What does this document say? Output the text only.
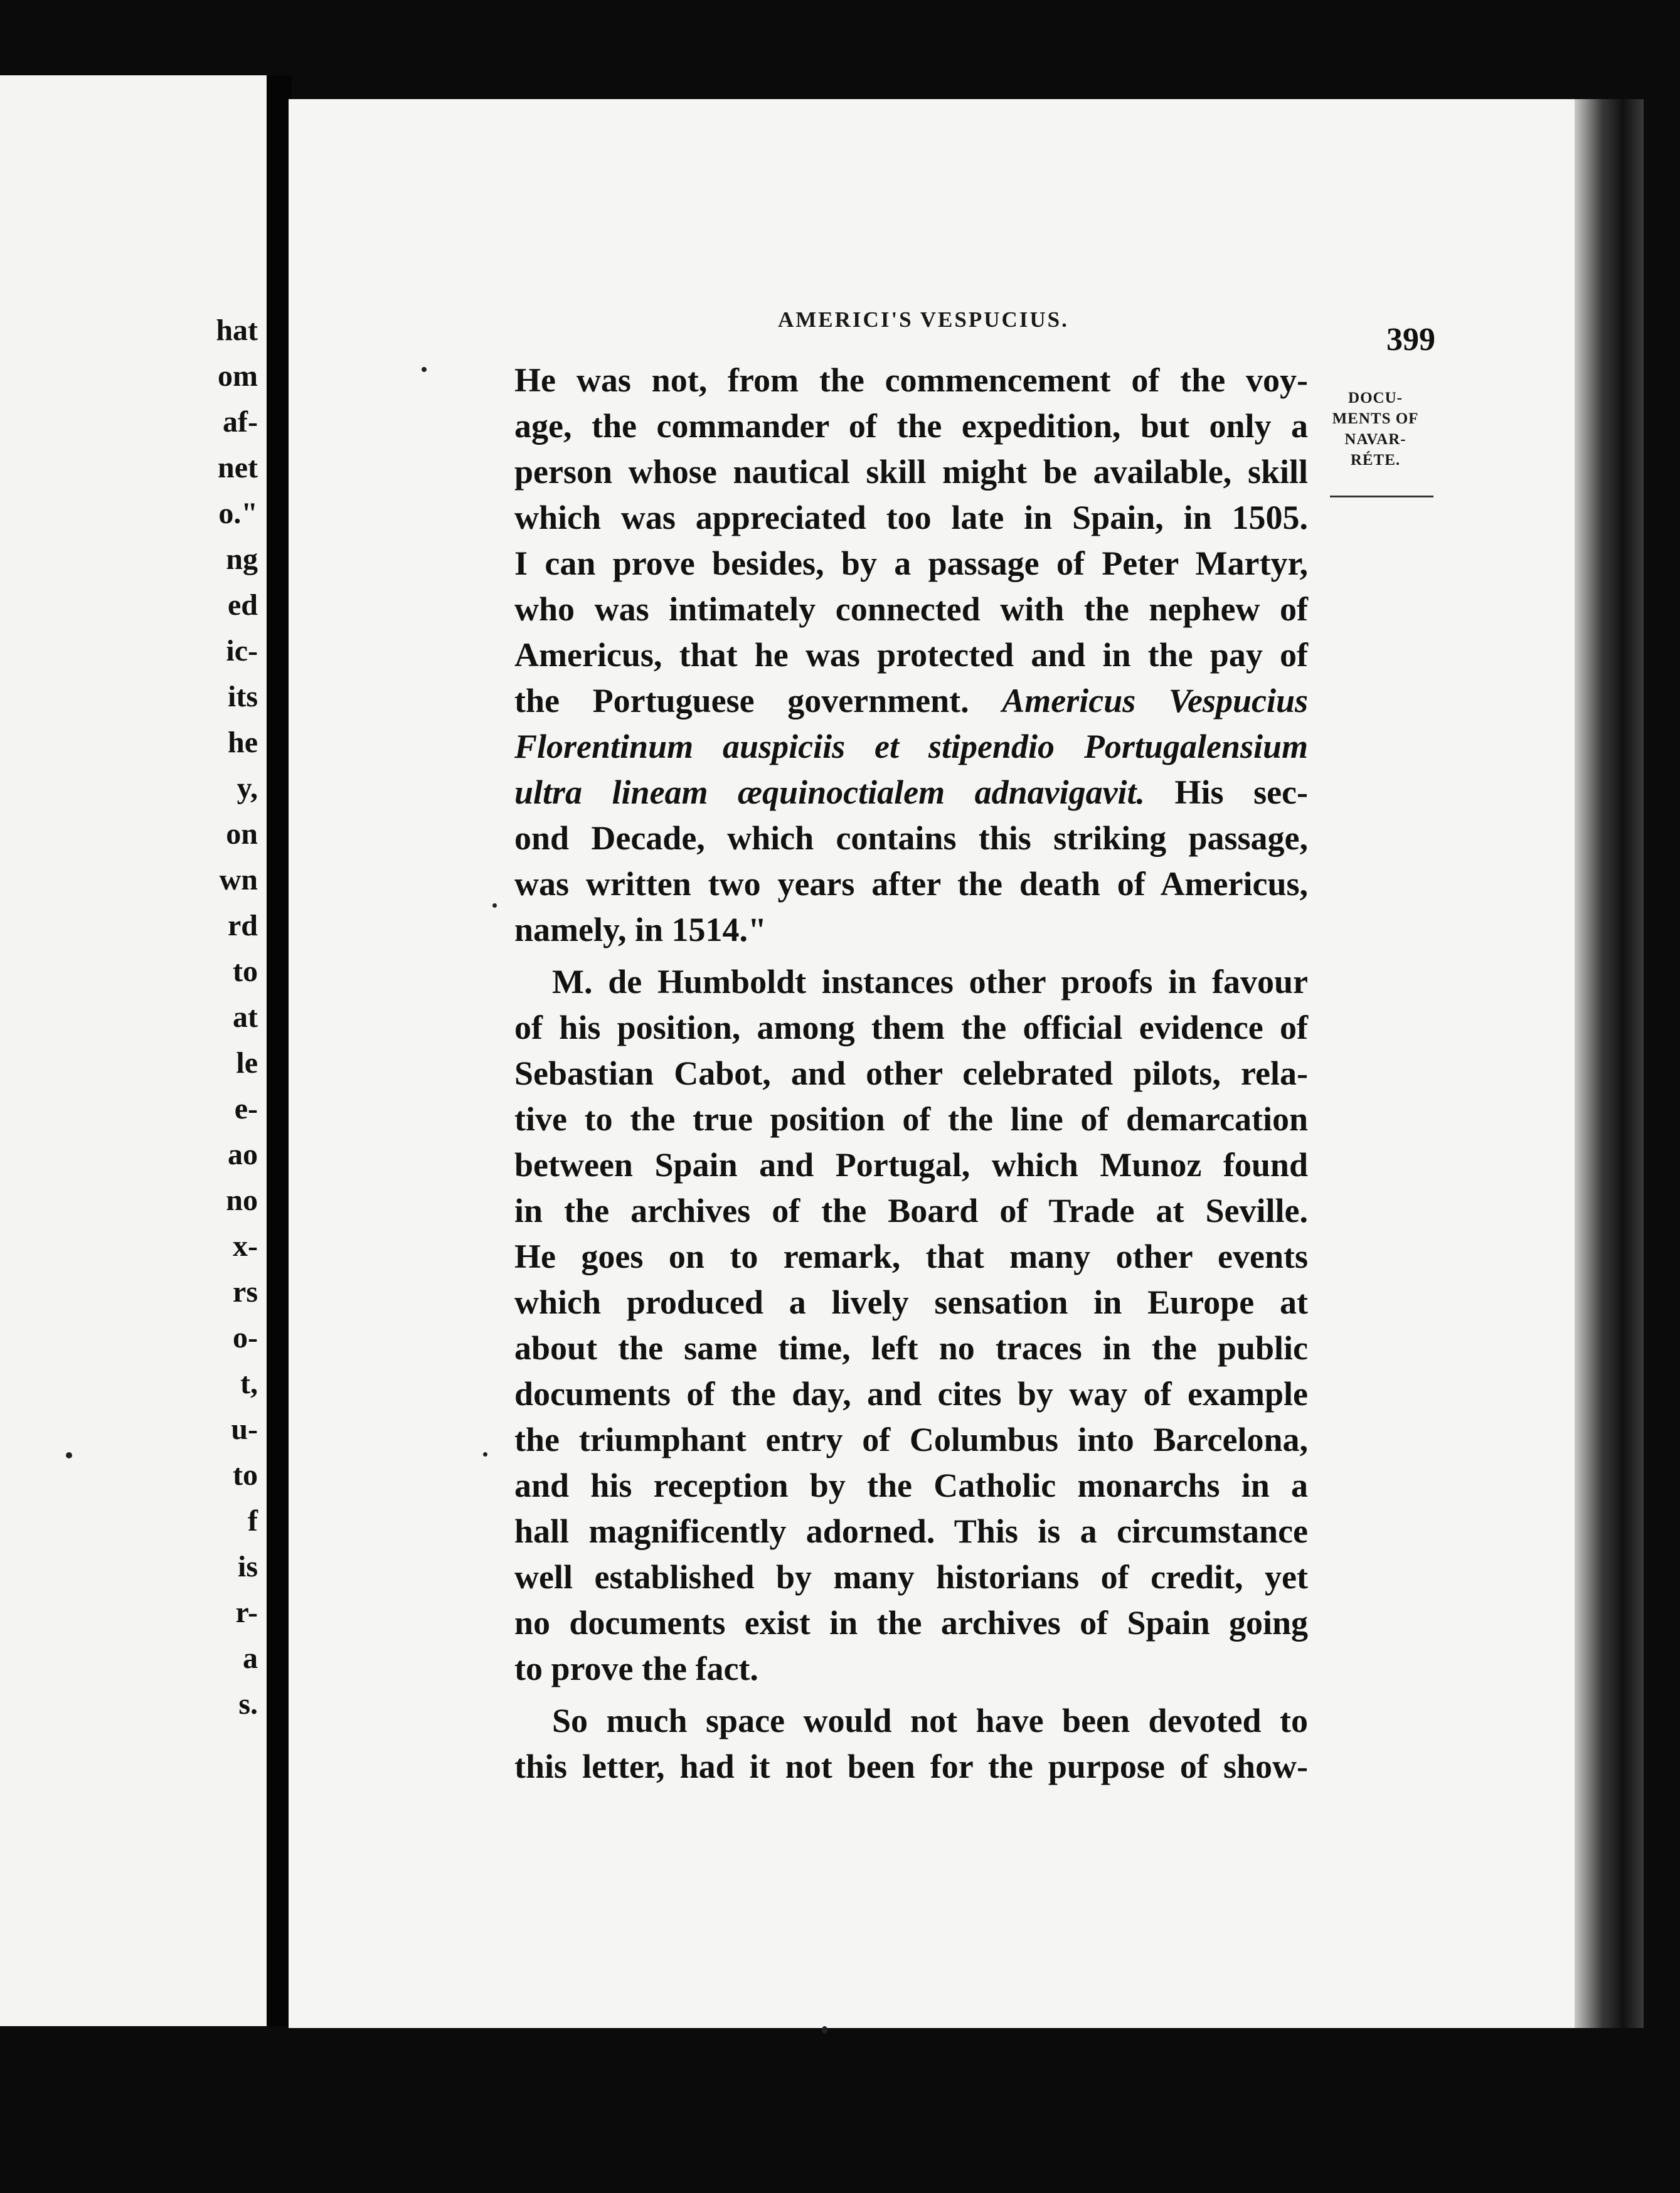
hat
om
af-
net
o."
ng
ed
ic-
its
he
y,
on
wn
rd
to
at
le
e-
ao
no
x-
rs
o-
t,
u-
to
f
is
r-
a
s.
AMERICI'S VESPUCIUS.
399
DOCU-
MENTS OF
NAVAR-
RÉTE.
He was not, from the commencement of the voy-
age, the commander of the expedition, but only a
person whose nautical skill might be available, skill
which was appreciated too late in Spain, in 1505.
I can prove besides, by a passage of Peter Martyr,
who was intimately connected with the nephew of
Americus, that he was protected and in the pay of
the Portuguese government. Americus Vespucius
Florentinum auspiciis et stipendio Portugalensium
ultra lineam æquinoctialem adnavigavit. His sec-
ond Decade, which contains this striking passage,
was written two years after the death of Americus,
namely, in 1514."
M. de Humboldt instances other proofs in favour
of his position, among them the official evidence of
Sebastian Cabot, and other celebrated pilots, rela-
tive to the true position of the line of demarcation
between Spain and Portugal, which Munoz found
in the archives of the Board of Trade at Seville.
He goes on to remark, that many other events
which produced a lively sensation in Europe at
about the same time, left no traces in the public
documents of the day, and cites by way of example
the triumphant entry of Columbus into Barcelona,
and his reception by the Catholic monarchs in a
hall magnificently adorned. This is a circumstance
well established by many historians of credit, yet
no documents exist in the archives of Spain going
to prove the fact.
So much space would not have been devoted to
this letter, had it not been for the purpose of show-
